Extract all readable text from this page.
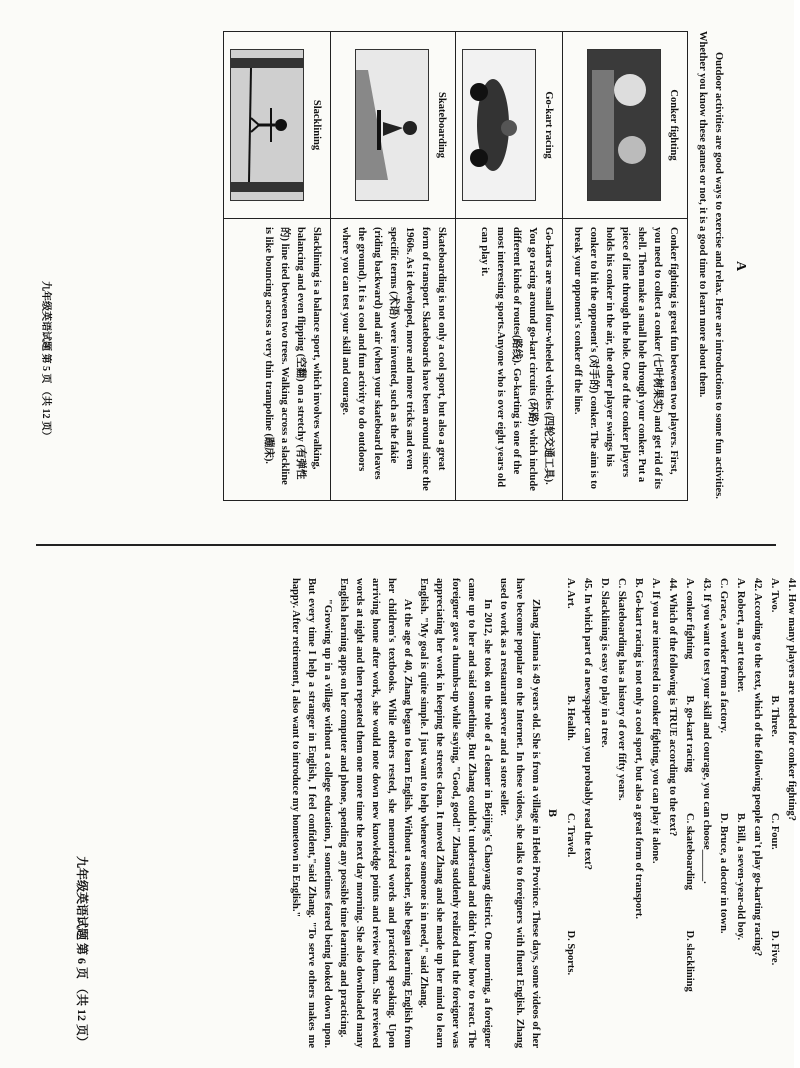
A

Outdoor activities are good ways to exercise and relax. Here are introductions to some fun activities. Whether you know these games or not, it is a good time to learn more about them.

Conker fighting	Conker fighting is great fun between two players. First, you need to collect a conker (七叶树果实) and get rid of its shell. Then make a small hole through your conker. Put a piece of line through the hole. One of the conker players holds his conker in the air, the other player swings his conker to hit the opponent's (对手的) conker. The aim is to break your opponent's conker off the line.

Go-kart racing	Go-karts are small four-wheeled vehicles (四轮交通工具). You go racing around go-kart circuits (环路) which include different kinds of routes(路线). Go-karting is one of the most interesting sports.Anyone who is over eight years old can play it.

Skateboarding	Skateboarding is not only a cool sport, but also a great form of transport. Skateboards have been around since the 1960s. As it developed, more and more tricks and even specific terms (术语) were invented, such as the fakie (riding backward) and air (when your skateboard leaves the ground). It is a cool and fun activity to do outdoors where you can test your skill and courage.

Slacklining	Slacklining is a balance sport, which involves walking, balancing and even flipping (空翻) on a stretchy (有弹性的) line tied between two trees. Walking across a slackline is like bouncing across a very thin trampoline (蹦床).
九年级英语试题 第 5 页 （共 12 页）

41. How many players are needed for conker fighting?

A. Two.
B. Three.
C. Four.
D. Five.

42. According to the text, which of the following people can't play go-karting racing?

A. Robert, an art teacher.
B. Bill, a seven-year-old boy.
C. Grace, a worker from a factory.
D. Bruce, a doctor in town.

43. If you want to test your skill and courage, you can choose______.

A. conker fighting
B. go-kart racing
C. skateboarding
D. slacklining

44. Which of the following is TRUE according to the text?

A. If you are interested in conker fighting, you can play it alone.

B. Go-kart racing is not only a cool sport, but also a great form of transport.

C. Skateboarding has a history of over fifty years.

D. Slacklining is easy to play in a tree.

45. In which part of a newspaper can you probably read the text?

A. Art.
B. Health.
C. Travel.
D. Sports.
B

Zhang Jianna is 49 years old. She is from a village in Hebei Province. These days, some videos of her have become popular on the Internet. In these videos, she talks to foreigners with fluent English. Zhang used to work as a restaurant server and a store seller.

In 2012, she took on the role of a cleaner in Beijing's Chaoyang district. One morning, a foreigner came up to her and said something. But Zhang couldn't understand and didn't know how to react. The foreigner gave a thumbs-up while saying, "Good, good!" Zhang suddenly realized that the foreigner was appreciating her work in keeping the streets clean. It moved Zhang and she made up her mind to learn English. "My goal is quite simple. I just want to help whenever someone is in need," said Zhang.

At the age of 40, Zhang began to learn English. Without a teacher, she began learning English from her children's textbooks. While others rested, she memorized words and practiced speaking. Upon arriving home after work, she would note down new knowledge points and review them. She reviewed words at night and then repeated them one more time the next day morning. She also downloaded many English learning apps on her computer and phone, spending any possible time learning and practicing.

"Growing up in a village without a college education, I sometimes feared being looked down upon. But every time I help a stranger in English, I feel confident,"said Zhang. "To serve others makes me happy. After retirement, I also want to introduce my hometown in English."

九年级英语试题 第 6 页 （共 12 页）
